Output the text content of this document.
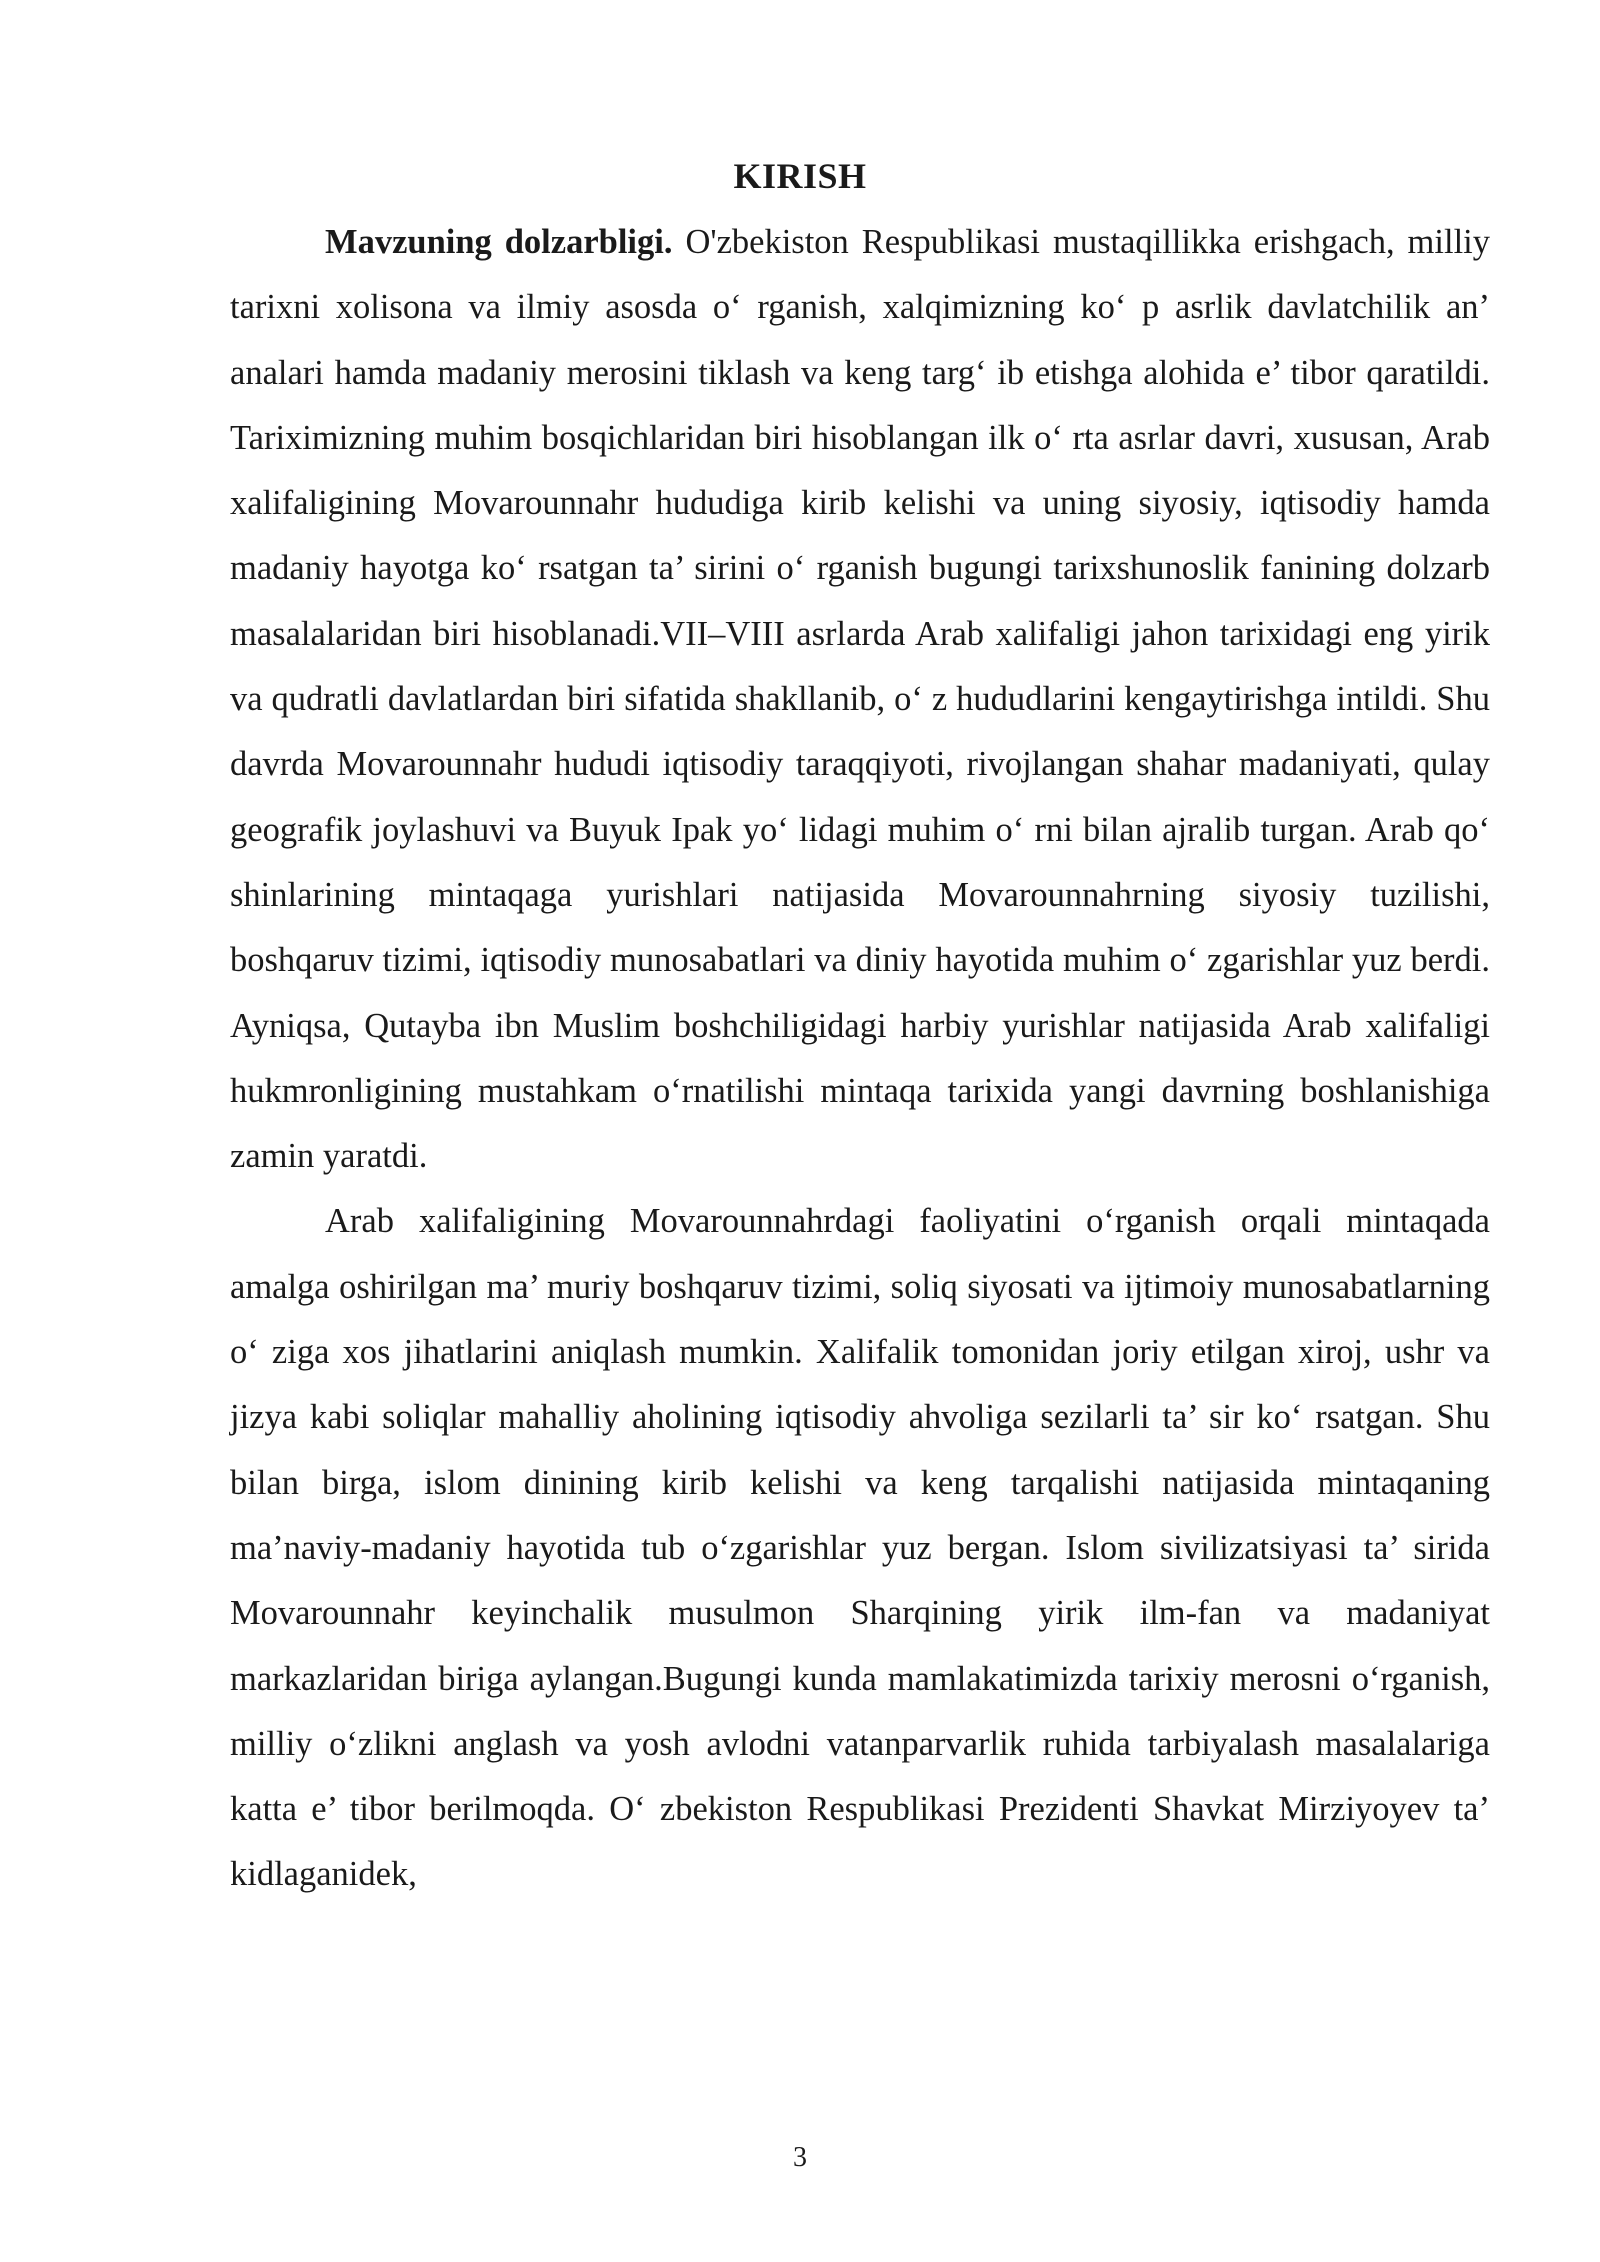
KIRISH

Mavzuning dolzarbligi. O'zbekiston Respublikasi mustaqillikka erishgach, milliy tarixni xolisona va ilmiy asosda o‘ rganish, xalqimizning ko‘ p asrlik davlatchilik an’ analari hamda madaniy merosini tiklash va keng targ‘ ib etishga alohida e’ tibor qaratildi. Tariximizning muhim bosqichlaridan biri hisoblangan ilk o‘ rta asrlar davri, xususan, Arab xalifaligining Movarounnahr hududiga kirib kelishi va uning siyosiy, iqtisodiy hamda madaniy hayotga ko‘ rsatgan ta’ sirini o‘ rganish bugungi tarixshunoslik fanining dolzarb masalalaridan biri hisoblanadi.VII–VIII asrlarda Arab xalifaligi jahon tarixidagi eng yirik va qudratli davlatlardan biri sifatida shakllanib, o‘ z hududlarini kengaytirishga intildi. Shu davrda Movarounnahr hududi iqtisodiy taraqqiyoti, rivojlangan shahar madaniyati, qulay geografik joylashuvi va Buyuk Ipak yo‘ lidagi muhim o‘ rni bilan ajralib turgan. Arab qo‘ shinlarining mintaqaga yurishlari natijasida Movarounnahrning siyosiy tuzilishi, boshqaruv tizimi, iqtisodiy munosabatlari va diniy hayotida muhim o‘ zgarishlar yuz berdi. Ayniqsa, Qutayba ibn Muslim boshchiligidagi harbiy yurishlar natijasida Arab xalifaligi hukmronligining mustahkam o‘rnatilishi mintaqa tarixida yangi davrning boshlanishiga zamin yaratdi.

Arab xalifaligining Movarounnahrdagi faoliyatini o‘rganish orqali mintaqada amalga oshirilgan ma’ muriy boshqaruv tizimi, soliq siyosati va ijtimoiy munosabatlarning o‘ ziga xos jihatlarini aniqlash mumkin. Xalifalik tomonidan joriy etilgan xiroj, ushr va jizya kabi soliqlar mahalliy aholining iqtisodiy ahvoliga sezilarli ta’ sir ko‘ rsatgan. Shu bilan birga, islom dinining kirib kelishi va keng tarqalishi natijasida mintaqaning ma’naviy-madaniy hayotida tub o‘zgarishlar yuz bergan. Islom sivilizatsiyasi ta’ sirida Movarounnahr keyinchalik musulmon Sharqining yirik ilm-fan va madaniyat markazlaridan biriga aylangan.Bugungi kunda mamlakatimizda tarixiy merosni o‘rganish, milliy o‘zlikni anglash va yosh avlodni vatanparvarlik ruhida tarbiyalash masalalariga katta e’ tibor berilmoqda. O‘ zbekiston Respublikasi Prezidenti Shavkat Mirziyoyev ta’ kidlaganidek,

3
